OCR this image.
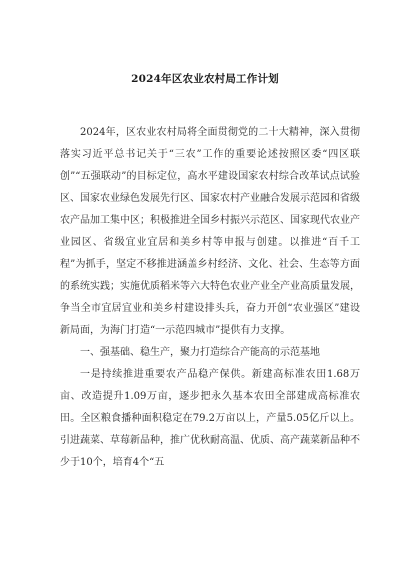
2024年区农业农村局工作计划

2024年，区农业农村局将全面贯彻党的二十大精神，深入贯彻落实习近平总书记关于“三农”工作的重要论述按照区委“四区联创”“五强联动”的目标定位，高水平建设国家农村综合改革试点试验区、国家农业绿色发展先行区、国家农村产业融合发展示范园和省级农产品加工集中区；积极推进全国乡村振兴示范区、国家现代农业产业园区、省级宜业宜居和美乡村等申报与创建。以推进“百千工程”为抓手，坚定不移推进涵盖乡村经济、文化、社会、生态等方面的系统实践；实施优质稻米等六大特色农业产业全产业高质量发展，争当全市宜居宜业和美乡村建设排头兵，奋力开创“农业强区”建设新局面，为海门打造“一示范四城市”提供有力支撑。

一、强基础、稳生产，聚力打造综合产能高的示范基地

一是持续推进重要农产品稳产保供。新建高标准农田1.68万亩、改造提升1.09万亩，逐步把永久基本农田全部建成高标准农田。全区粮食播种面积稳定在79.2万亩以上，产量5.05亿斤以上。引进蔬菜、草莓新品种，推广优秋耐高温、优质、高产蔬菜新品种不少于10个，培育4个“五
